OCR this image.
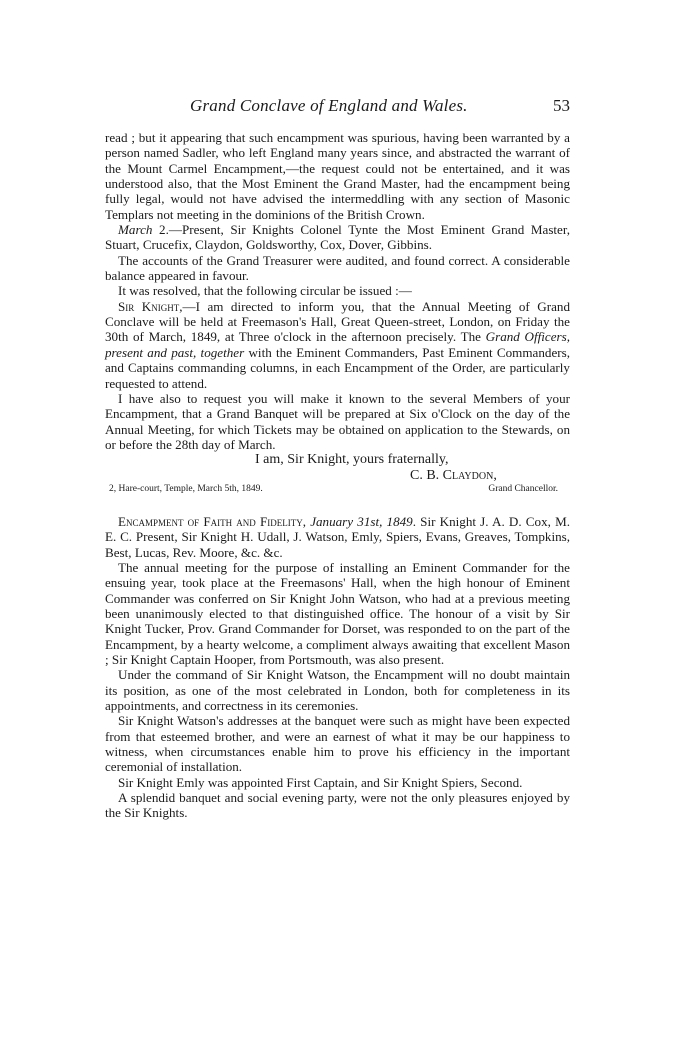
Grand Conclave of England and Wales.	53

read ; but it appearing that such encampment was spurious, having been warranted by a person named Sadler, who left England many years since, and abstracted the warrant of the Mount Carmel Encampment,—the request could not be entertained, and it was understood also, that the Most Eminent the Grand Master, had the encampment being fully legal, would not have advised the intermeddling with any section of Masonic Templars not meeting in the dominions of the British Crown.

March 2.—Present, Sir Knights Colonel Tynte the Most Eminent Grand Master, Stuart, Crucefix, Claydon, Goldsworthy, Cox, Dover, Gibbins.

The accounts of the Grand Treasurer were audited, and found correct. A considerable balance appeared in favour.

It was resolved, that the following circular be issued :—

Sir Knight,—I am directed to inform you, that the Annual Meeting of Grand Conclave will be held at Freemason's Hall, Great Queen-street, London, on Friday the 30th of March, 1849, at Three o'clock in the afternoon precisely. The Grand Officers, present and past, together with the Eminent Commanders, Past Eminent Commanders, and Captains commanding columns, in each Encampment of the Order, are particularly requested to attend.

I have also to request you will make it known to the several Members of your Encampment, that a Grand Banquet will be prepared at Six o'Clock on the day of the Annual Meeting, for which Tickets may be obtained on application to the Stewards, on or before the 28th day of March.

I am, Sir Knight, yours fraternally,
C. B. Claydon,
2, Hare-court, Temple, March 5th, 1849.	Grand Chancellor.

Encampment of Faith and Fidelity, January 31st, 1849. Sir Knight J. A. D. Cox, M. E. C. Present, Sir Knight H. Udall, J. Watson, Emly, Spiers, Evans, Greaves, Tompkins, Best, Lucas, Rev. Moore, &c. &c.

The annual meeting for the purpose of installing an Eminent Commander for the ensuing year, took place at the Freemasons' Hall, when the high honour of Eminent Commander was conferred on Sir Knight John Watson, who had at a previous meeting been unanimously elected to that distinguished office. The honour of a visit by Sir Knight Tucker, Prov. Grand Commander for Dorset, was responded to on the part of the Encampment, by a hearty welcome, a compliment always awaiting that excellent Mason ; Sir Knight Captain Hooper, from Portsmouth, was also present.

Under the command of Sir Knight Watson, the Encampment will no doubt maintain its position, as one of the most celebrated in London, both for completeness in its appointments, and correctness in its ceremonies.

Sir Knight Watson's addresses at the banquet were such as might have been expected from that esteemed brother, and were an earnest of what it may be our happiness to witness, when circumstances enable him to prove his efficiency in the important ceremonial of installation.

Sir Knight Emly was appointed First Captain, and Sir Knight Spiers, Second.

A splendid banquet and social evening party, were not the only pleasures enjoyed by the Sir Knights.
